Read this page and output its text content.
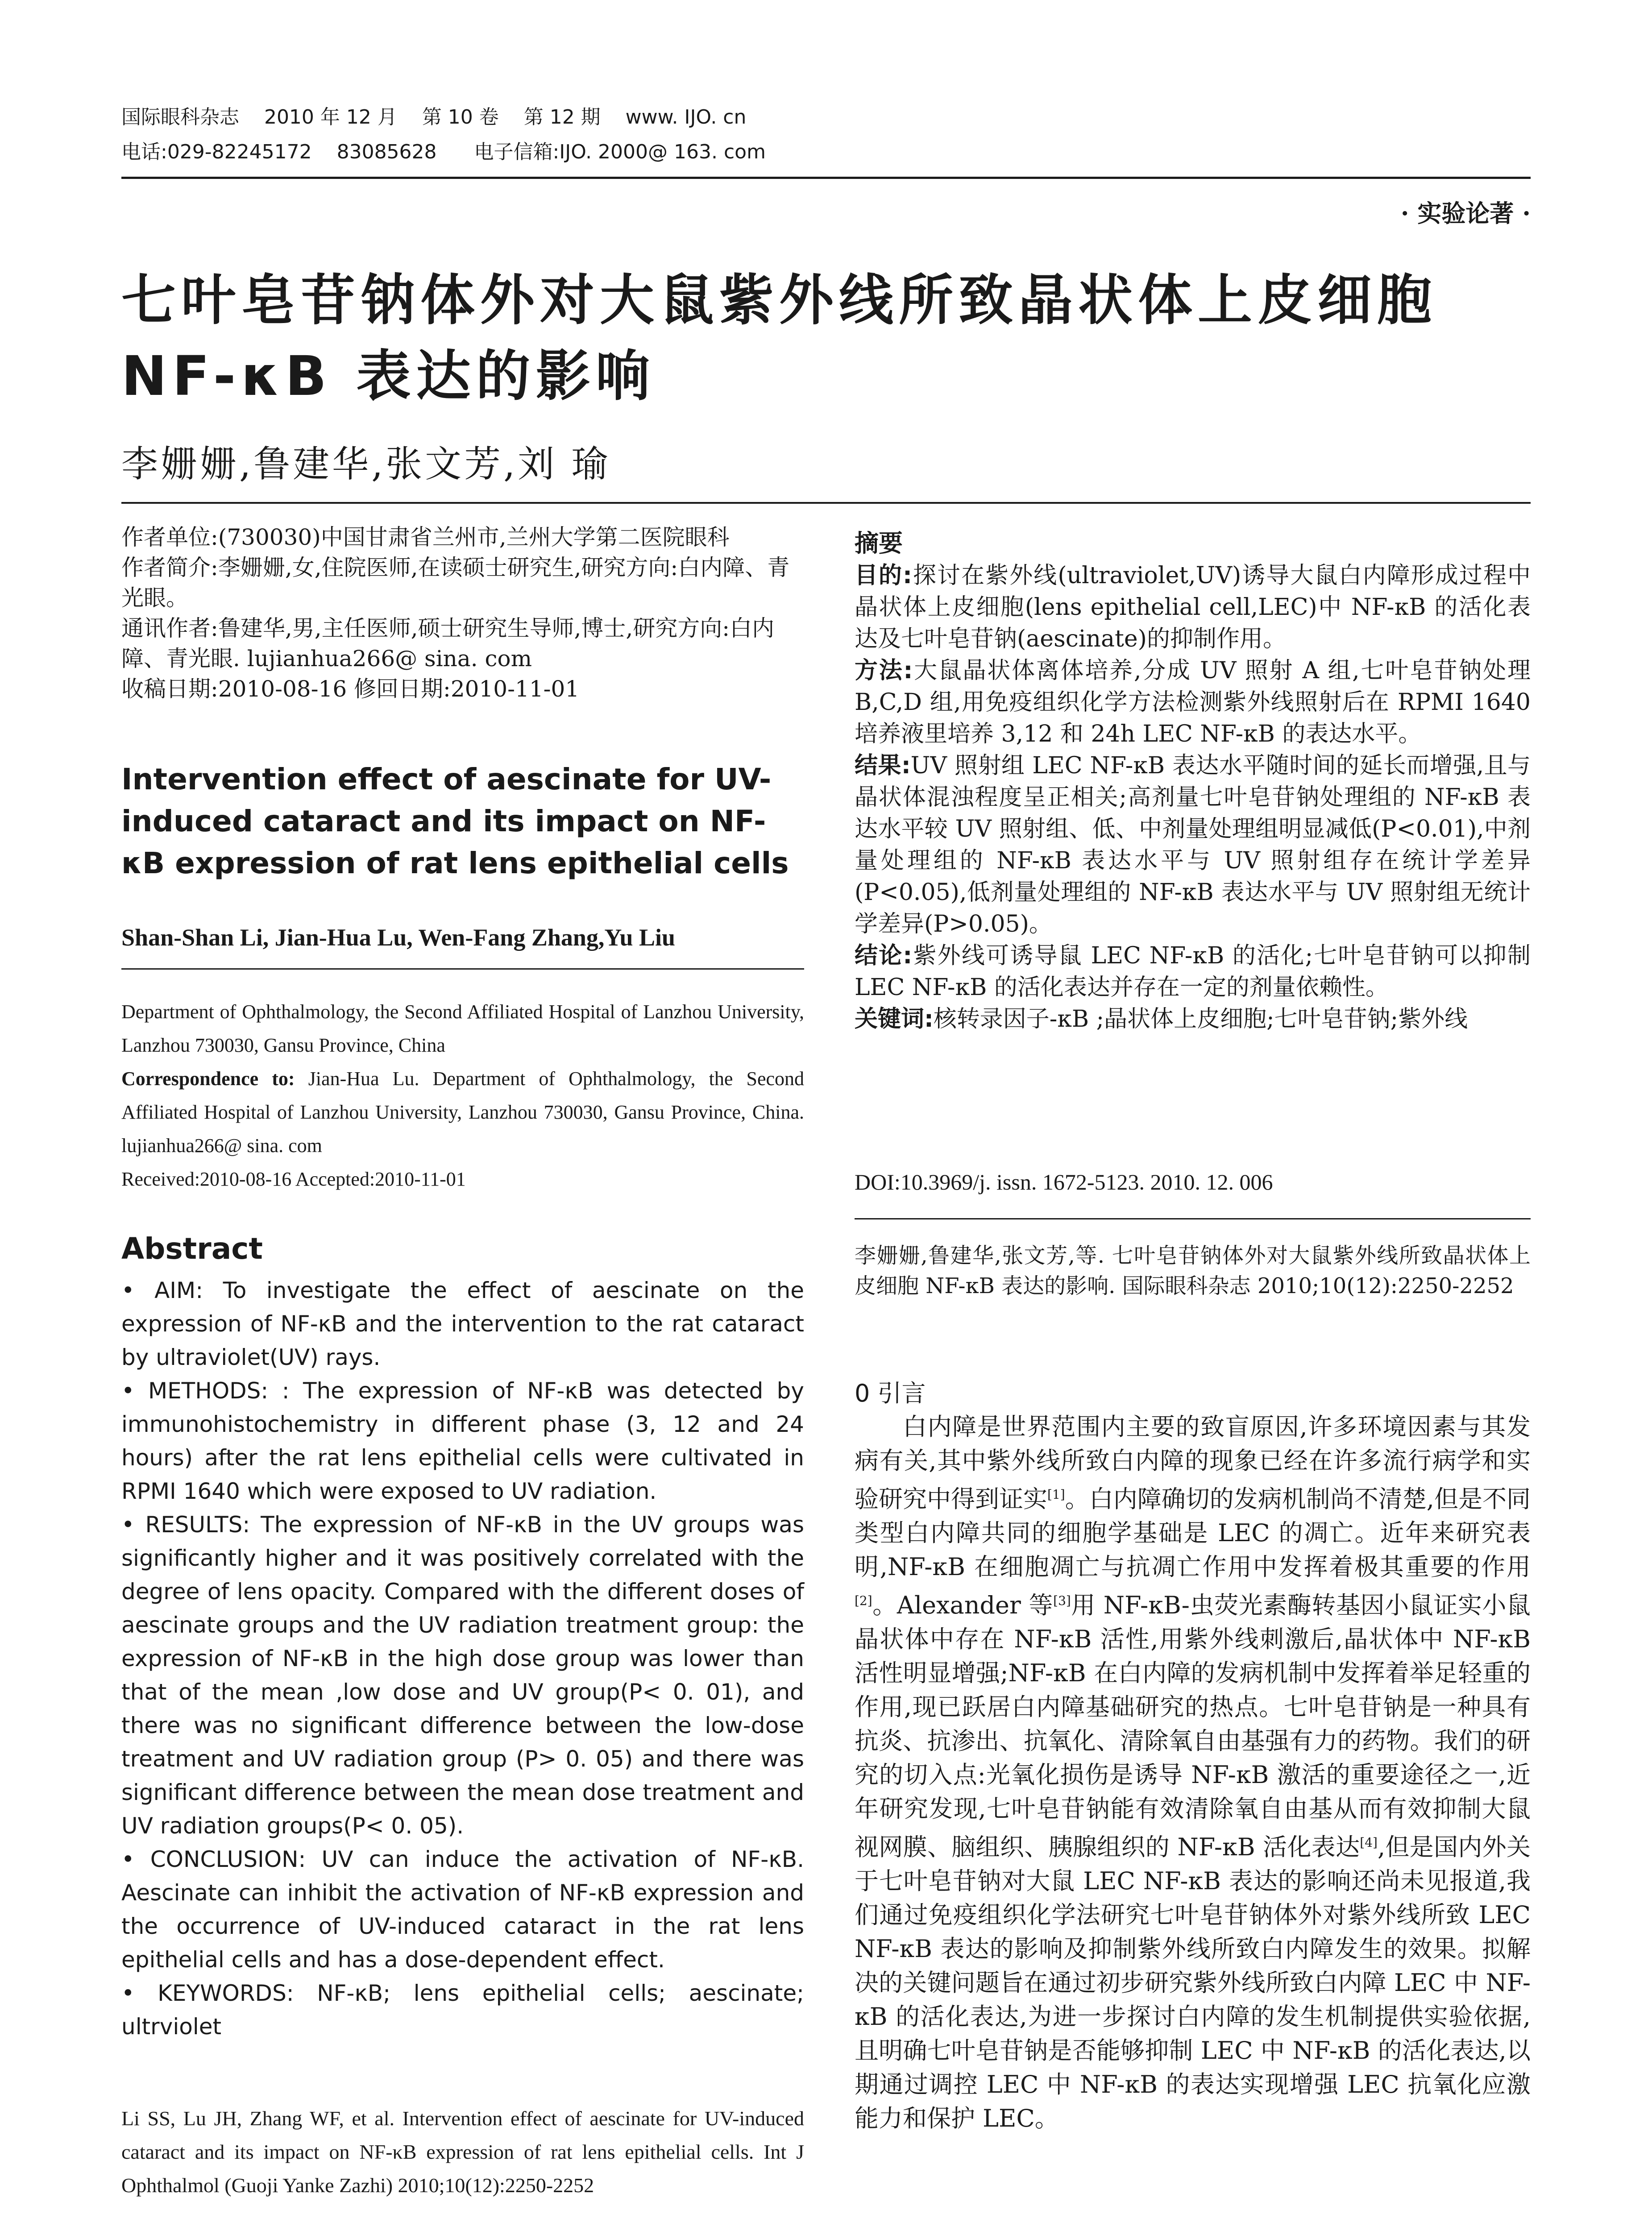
国际眼科杂志    2010 年 12 月    第 10 卷    第 12 期    www. IJO. cn
电话:029-82245172    83085628      电子信箱:IJO. 2000@ 163. com
· 实验论著 ·
七叶皂苷钠体外对大鼠紫外线所致晶状体上皮细胞
NF-κB 表达的影响
李姗姗,鲁建华,张文芳,刘 瑜

作者单位:(730030)中国甘肃省兰州市,兰州大学第二医院眼科

作者简介:李姗姗,女,住院医师,在读硕士研究生,研究方向:白内障、青光眼。

通讯作者:鲁建华,男,主任医师,硕士研究生导师,博士,研究方向:白内障、青光眼. lujianhua266@ sina. com

收稿日期:2010-08-16 修回日期:2010-11-01

Intervention effect of aescinate for UV-induced cataract and its impact on NF-κB expression of rat lens epithelial cells
Shan-Shan Li, Jian-Hua Lu, Wen-Fang Zhang,Yu Liu

Department of Ophthalmology, the Second Affiliated Hospital of Lanzhou University, Lanzhou 730030, Gansu Province, China

Correspondence to: Jian-Hua Lu. Department of Ophthalmology, the Second Affiliated Hospital of Lanzhou University, Lanzhou 730030, Gansu Province, China. lujianhua266@ sina. com

Received:2010-08-16 Accepted:2010-11-01

Abstract

• AIM: To investigate the effect of aescinate on the expression of NF-κB and the intervention to the rat cataract by ultraviolet(UV) rays.

• METHODS: : The expression of NF-κB was detected by immunohistochemistry in different phase (3, 12 and 24 hours) after the rat lens epithelial cells were cultivated in RPMI 1640 which were exposed to UV radiation.

• RESULTS: The expression of NF-κB in the UV groups was significantly higher and it was positively correlated with the degree of lens opacity. Compared with the different doses of aescinate groups and the UV radiation treatment group: the expression of NF-κB in the high dose group was lower than that of the mean ,low dose and UV group(P< 0. 01), and there was no significant difference between the low-dose treatment and UV radiation group (P> 0. 05) and there was significant difference between the mean dose treatment and UV radiation groups(P< 0. 05).

• CONCLUSION: UV can induce the activation of NF-κB. Aescinate can inhibit the activation of NF-κB expression and the occurrence of UV-induced cataract in the rat lens epithelial cells and has a dose-dependent effect.

• KEYWORDS: NF-κB; lens epithelial cells; aescinate; ultrviolet

Li SS, Lu JH, Zhang WF, et al. Intervention effect of aescinate for UV-induced cataract and its impact on NF-κB expression of rat lens epithelial cells. Int J Ophthalmol (Guoji Yanke Zazhi) 2010;10(12):2250-2252
摘要

目的:探讨在紫外线(ultraviolet,UV)诱导大鼠白内障形成过程中晶状体上皮细胞(lens epithelial cell,LEC)中 NF-κB 的活化表达及七叶皂苷钠(aescinate)的抑制作用。

方法:大鼠晶状体离体培养,分成 UV 照射 A 组,七叶皂苷钠处理 B,C,D 组,用免疫组织化学方法检测紫外线照射后在 RPMI 1640 培养液里培养 3,12 和 24h LEC NF-κB 的表达水平。

结果:UV 照射组 LEC NF-κB 表达水平随时间的延长而增强,且与晶状体混浊程度呈正相关;高剂量七叶皂苷钠处理组的 NF-κB 表达水平较 UV 照射组、低、中剂量处理组明显减低(P<0.01),中剂量处理组的 NF-κB 表达水平与 UV 照射组存在统计学差异(P<0.05),低剂量处理组的 NF-κB 表达水平与 UV 照射组无统计学差异(P>0.05)。

结论:紫外线可诱导鼠 LEC NF-κB 的活化;七叶皂苷钠可以抑制 LEC NF-κB 的活化表达并存在一定的剂量依赖性。

关键词:核转录因子-κB ;晶状体上皮细胞;七叶皂苷钠;紫外线

DOI:10.3969/j. issn. 1672-5123. 2010. 12. 006
李姗姗,鲁建华,张文芳,等. 七叶皂苷钠体外对大鼠紫外线所致晶状体上皮细胞 NF-κB 表达的影响. 国际眼科杂志 2010;10(12):2250-2252
0 引言
白内障是世界范围内主要的致盲原因,许多环境因素与其发病有关,其中紫外线所致白内障的现象已经在许多流行病学和实验研究中得到证实[1]。白内障确切的发病机制尚不清楚,但是不同类型白内障共同的细胞学基础是 LEC 的凋亡。近年来研究表明,NF-κB 在细胞凋亡与抗凋亡作用中发挥着极其重要的作用[2]。Alexander 等[3]用 NF-κB-虫荧光素酶转基因小鼠证实小鼠晶状体中存在 NF-κB 活性,用紫外线刺激后,晶状体中 NF-κB 活性明显增强;NF-κB 在白内障的发病机制中发挥着举足轻重的作用,现已跃居白内障基础研究的热点。七叶皂苷钠是一种具有抗炎、抗渗出、抗氧化、清除氧自由基强有力的药物。我们的研究的切入点:光氧化损伤是诱导 NF-κB 激活的重要途径之一,近年研究发现,七叶皂苷钠能有效清除氧自由基从而有效抑制大鼠视网膜、脑组织、胰腺组织的 NF-κB 活化表达[4],但是国内外关于七叶皂苷钠对大鼠 LEC NF-κB 表达的影响还尚未见报道,我们通过免疫组织化学法研究七叶皂苷钠体外对紫外线所致 LEC NF-κB 表达的影响及抑制紫外线所致白内障发生的效果。拟解决的关键问题旨在通过初步研究紫外线所致白内障 LEC 中 NF-κB 的活化表达,为进一步探讨白内障的发生机制提供实验依据,且明确七叶皂苷钠是否能够抑制 LEC 中 NF-κB 的活化表达,以期通过调控 LEC 中 NF-κB 的表达实现增强 LEC 抗氧化应激能力和保护 LEC。
